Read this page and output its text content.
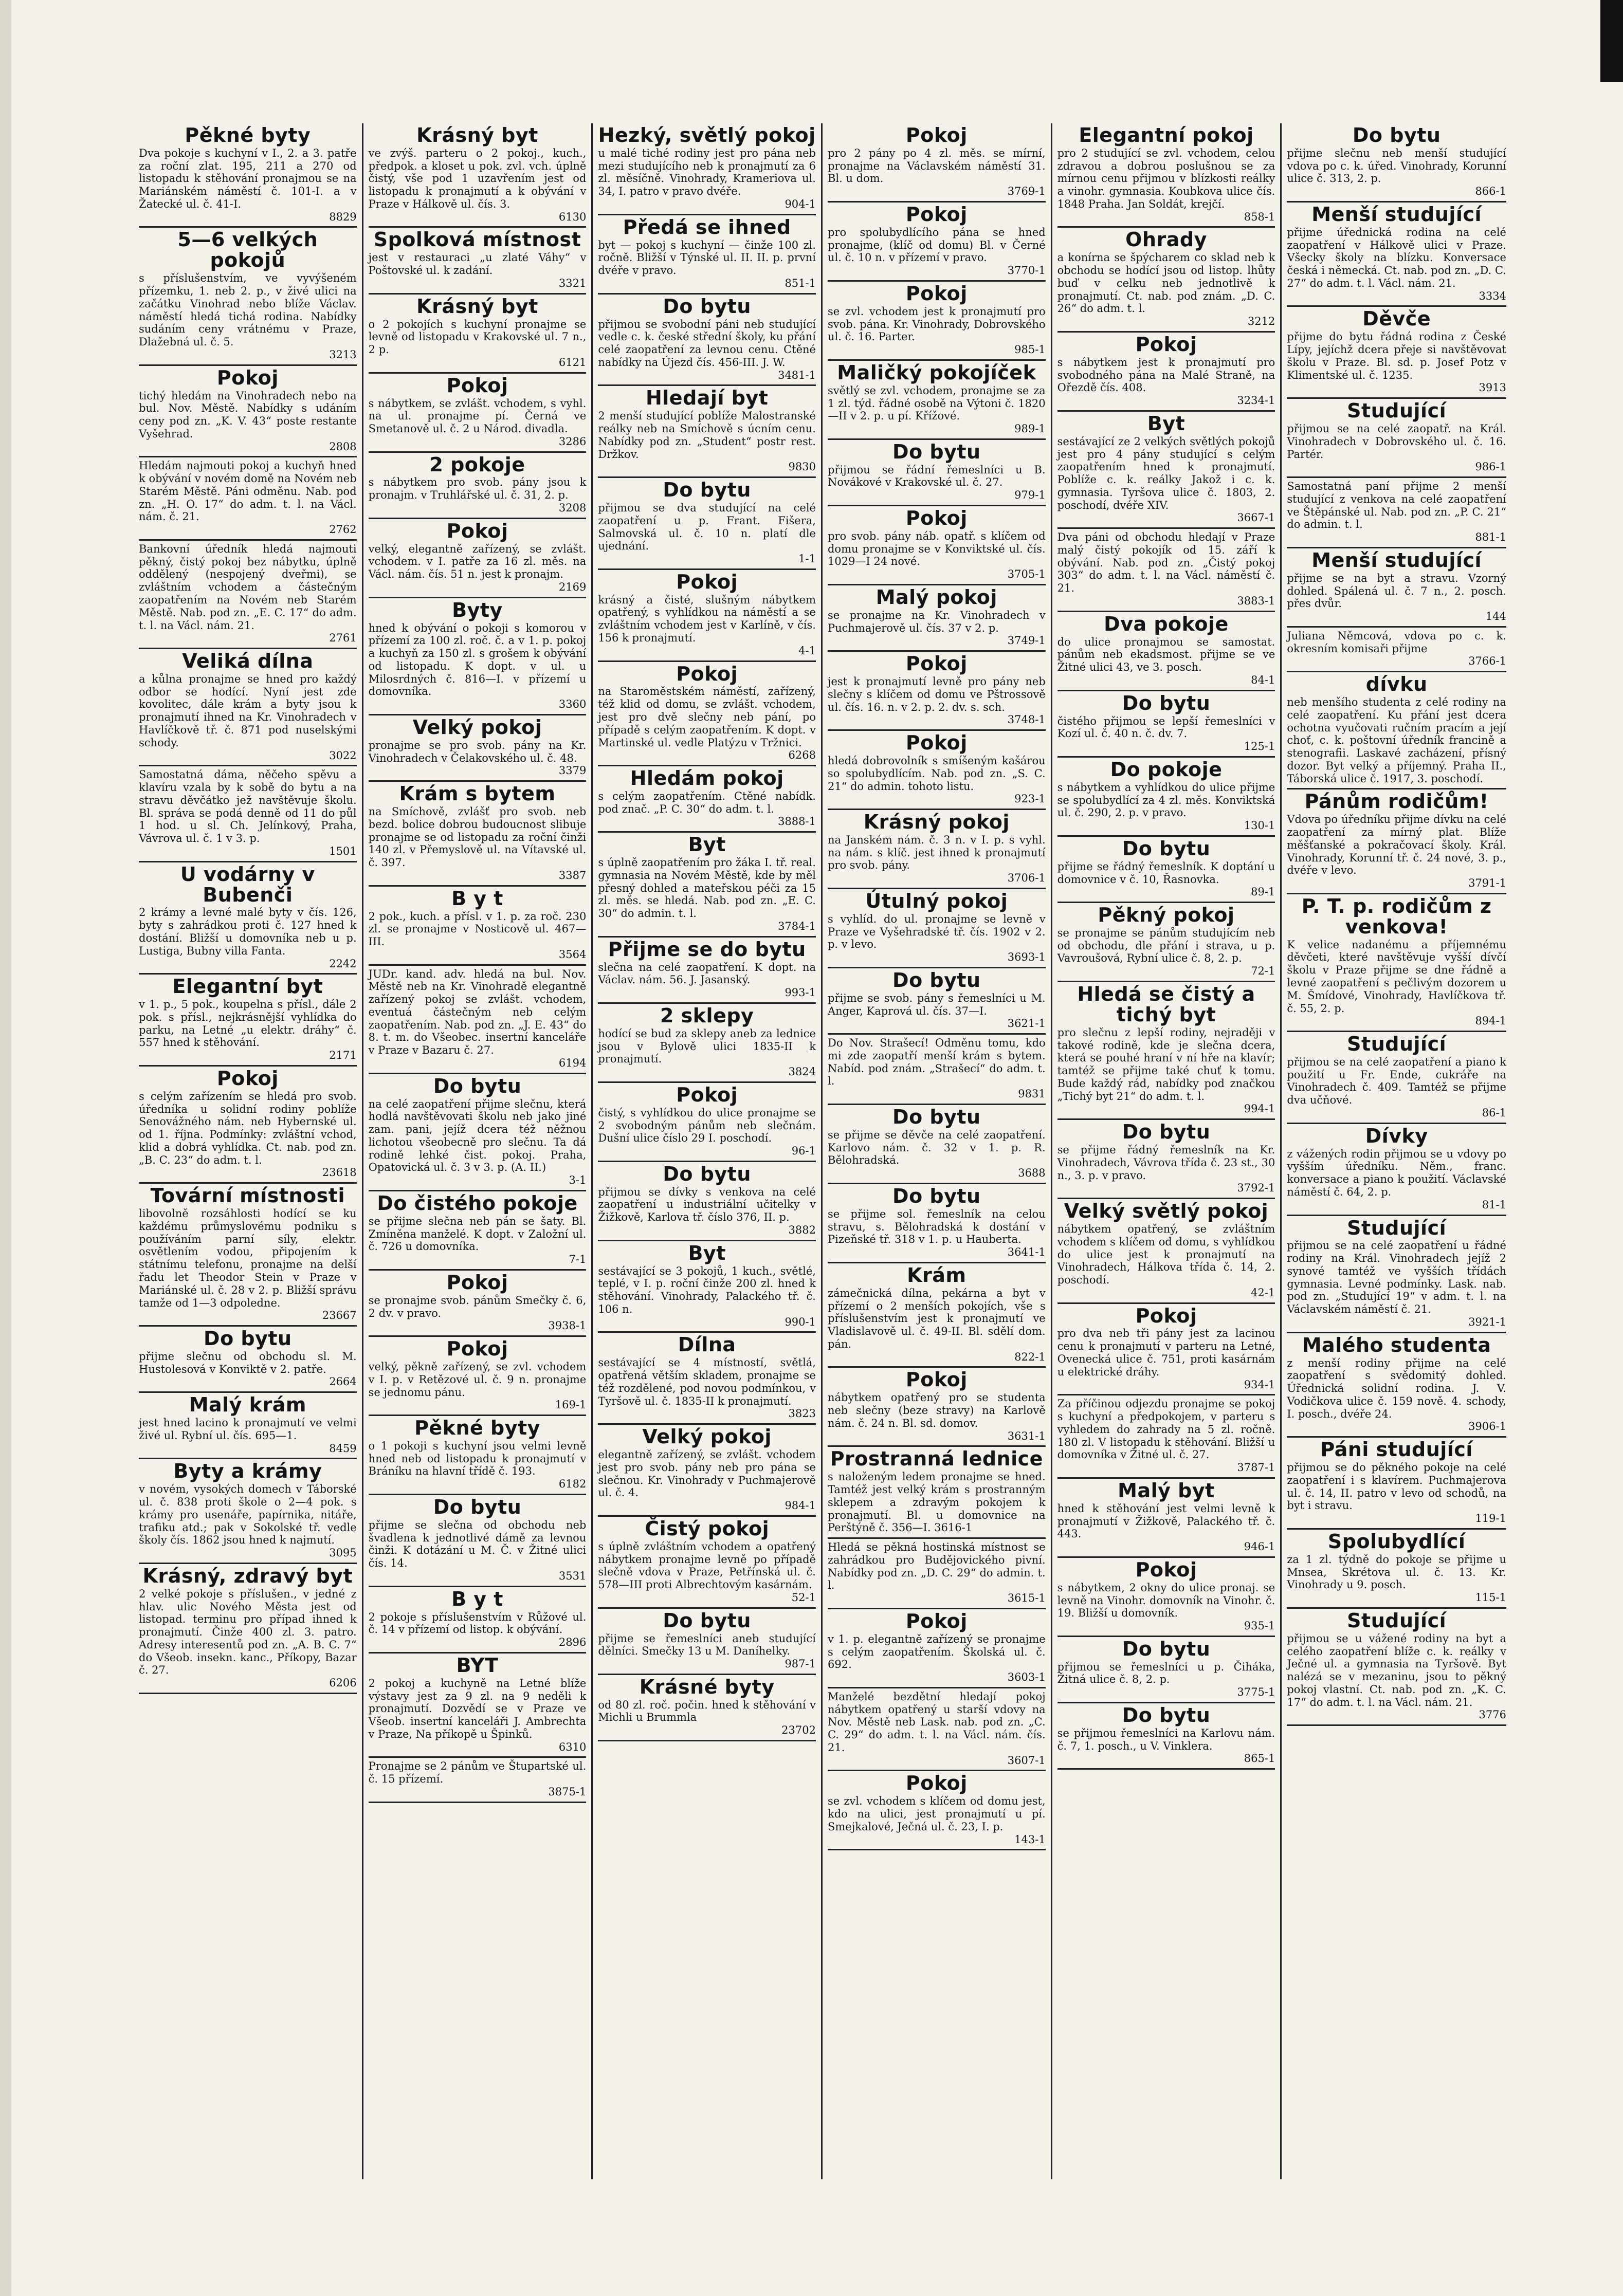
Pěkné byty

Dva pokoje s kuchyní v I., 2. a 3. patře za roční zlat. 195, 211 a 270 od listopadu k stěhování pronajmou se na Mariánském náměstí č. 101-I. a v Žatecké ul. č. 41-I.

8829

5—6 velkých pokojů

s příslušenstvím, ve vyvýšeném přízemku, 1. neb 2. p., v živé ulici na začátku Vinohrad nebo blíže Václav. náměstí hledá tichá rodina. Nabídky sudáním ceny vrátnému v Praze, Dlažebná ul. č. 5.

3213

Pokoj

tichý hledám na Vinohradech nebo na bul. Nov. Městě. Nabídky s udáním ceny pod zn. „K. V. 43“ poste restante Vyšehrad.

2808

Hledám najmouti pokoj a kuchyň hned k obývání v novém domě na Novém neb Starém Městě. Páni odměnu. Nab. pod zn. „H. O. 17“ do adm. t. l. na Václ. nám. č. 21.

2762

Bankovní úředník hledá najmouti pěkný, čistý pokoj bez nábytku, úplně oddělený (nespojený dveřmi), se zvláštním vchodem a částečným zaopatřením na Novém neb Starém Městě. Nab. pod zn. „E. C. 17“ do adm. t. l. na Václ. nám. 21.

2761

Veliká dílna

a kůlna pronajme se hned pro každý odbor se hodící. Nyní jest zde kovolitec, dále krám a byty jsou k pronajmutí ihned na Kr. Vinohradech v Havlíčkově tř. č. 871 pod nuselskými schody.

3022

Samostatná dáma, něčeho spěvu a klavíru vzala by k sobě do bytu a na stravu děvčátko jež navštěvuje školu. Bl. správa se podá denně od 11 do půl 1 hod. u sl. Ch. Jelínkový, Praha, Vávrova ul. č. 1 v 3. p.

1501

U vodárny v Bubenči

2 krámy a levné malé byty v čís. 126, byty s zahrádkou proti č. 127 hned k dostání. Bližší u domovníka neb u p. Lustiga, Bubny villa Fanta.

2242

Elegantní byt

v 1. p., 5 pok., koupelna s přísl., dále 2 pok. s přísl., nejkrásnější vyhlídka do parku, na Letné „u elektr. dráhy“ č. 557 hned k stěhování.

2171

Pokoj

s celým zařízením se hledá pro svob. úředníka u solidní rodiny poblíže Senovážného nám. neb Hybernské ul. od 1. října. Podmínky: zvláštní vchod, klid a dobrá vyhlídka. Ct. nab. pod zn. „B. C. 23“ do adm. t. l.

23618

Tovární místnosti

libovolně rozsáhlosti hodící se ku každému průmyslovému podniku s používáním parní síly, elektr. osvětlením vodou, připojením k státnímu telefonu, pronajme na delší řadu let Theodor Stein v Praze v Mariánské ul. č. 28 v 2. p. Bližší správu tamže od 1—3 odpoledne.

23667

Do bytu

přijme slečnu od obchodu sl. M. Hustolesová v Konviktě v 2. patře.

2664

Malý krám

jest hned lacino k pronajmutí ve velmi živé ul. Rybní ul. čís. 695—1.

8459

Byty a krámy

v novém, vysokých domech v Táborské ul. č. 838 proti škole o 2—4 pok. s krámy pro usenáře, papírnika, nitáře, trafiku atd.; pak v Sokolské tř. vedle školy čís. 1862 jsou hned k najmutí.

3095

Krásný, zdravý byt

2 velké pokoje s příslušen., v jedné z hlav. ulic Nového Města jest od listopad. terminu pro případ ihned k pronajmutí. Činže 400 zl. 3. patro. Adresy interesentů pod zn. „A. B. C. 7“ do Všeob. insekn. kanc., Příkopy, Bazar č. 27.

6206

Krásný byt

ve zvýš. parteru o 2 pokoj., kuch., předpok. a kloset u pok. zvl. vch. úplně čistý, vše pod 1 uzavřením jest od listopadu k pronajmutí a k obývání v Praze v Hálkově ul. čís. 3.

6130

Spolková místnost

jest v restauraci „u zlaté Váhy“ v Poštovské ul. k zadání.

3321

Krásný byt

o 2 pokojích s kuchyní pronajme se levně od listopadu v Krakovské ul. 7 n., 2 p.

6121

Pokoj

s nábytkem, se zvlášt. vchodem, s vyhl. na ul. pronajme pí. Černá ve Smetanově ul. č. 2 u Národ. divadla.

3286

2 pokoje

s nábytkem pro svob. pány jsou k pronajm. v Truhlářské ul. č. 31, 2. p.

3208

Pokoj

velký, elegantně zařízený, se zvlášt. vchodem. v I. patře za 16 zl. měs. na Václ. nám. čís. 51 n. jest k pronajm.

2169

Byty

hned k obývání o pokoji s komorou v přízemí za 100 zl. roč. č. a v 1. p. pokoj a kuchyň za 150 zl. s grošem k obývání od listopadu. K dopt. v ul. u Milosrdných č. 816—I. v přízemí u domovníka.

3360

Velký pokoj

pronajme se pro svob. pány na Kr. Vinohradech v Čelakovského ul. č. 48.

3379

Krám s bytem

na Smíchově, zvlášť pro svob. neb bezd. bolice dobrou budoucnost slibuje pronajme se od listopadu za roční činži 140 zl. v Přemyslově ul. na Vítavské ul. č. 397.

3387

B y t

2 pok., kuch. a přísl. v 1. p. za roč. 230 zl. se pronajme v Nosticově ul. 467—III.

3564

JUDr. kand. adv. hledá na bul. Nov. Městě neb na Kr. Vinohradě elegantně zařízený pokoj se zvlášt. vchodem, eventuá částečným neb celým zaopatřením. Nab. pod zn. „J. E. 43“ do 8. t. m. do Všeobec. insertní kanceláře v Praze v Bazaru č. 27.

6194

Do bytu

na celé zaopatření přijme slečnu, která hodlá navštěvovati školu neb jako jiné zam. pani, jejíž dcera též něžnou lichotou všeobecně pro slečnu. Ta dá rodině lehké čist. pokoj. Praha, Opatovická ul. č. 3 v 3. p. (A. II.)

3-1

Do čistého pokoje

se přijme slečna neb pán se šaty. Bl. Zmíněna manželé. K dopt. v Založní ul. č. 726 u domovníka.

7-1

Pokoj

se pronajme svob. pánům Smečky č. 6, 2 dv. v pravo.

3938-1

Pokoj

velký, pěkně zařízený, se zvl. vchodem v I. p. v Retězové ul. č. 9 n. pronajme se jednomu pánu.

169-1

Pěkné byty

o 1 pokoji s kuchyní jsou velmi levně hned neb od listopadu k pronajmutí v Bráníku na hlavní třídě č. 193.

6182

Do bytu

přijme se slečna od obchodu neb švadlena k jednotlivé dámě za levnou činži. K dotázání u M. Č. v Žitné ulici čís. 14.

3531

B y t

2 pokoje s příslušenstvím v Růžové ul. č. 14 v přízemí od listop. k obývání.

2896

BYT

2 pokoj a kuchyně na Letné blíže výstavy jest za 9 zl. na 9 neděli k pronajmutí. Dozvědí se v Praze ve Všeob. insertní kanceláři J. Ambrechta v Praze, Na příkopě u Špinků.

6310

Pronajme se 2 pánům ve Štupartské ul. č. 15 přízemí.

3875-1

Hezký, světlý pokoj

u malé tiché rodiny jest pro pána neb mezi studujícího neb k pronajmutí za 6 zl. měsíčně. Vinohrady, Krameriova ul. 34, I. patro v pravo dvéře.

904-1

Předá se ihned

byt — pokoj s kuchyní — činže 100 zl. ročně. Bližší v Týnské ul. II. II. p. první dvéře v pravo.

851-1

Do bytu

přijmou se svobodní páni neb studující vedle c. k. české střední školy, ku přání celé zaopatření za levnou cenu. Ctěné nabídky na Újezd čís. 456-III. J. W.

3481-1

Hledají byt

2 menší studující poblíže Malostranské reálky neb na Smíchově s úcním cenu. Nabídky pod zn. „Student“ postr rest. Držkov.

9830

Do bytu

přijmou se dva studující na celé zaopatření u p. Frant. Fišera, Salmovská ul. č. 10 n. platí dle ujednání.

1-1

Pokoj

krásný a čisté, slušným nábytkem opatřený, s vyhlídkou na náměstí a se zvláštním vchodem jest v Karlíně, v čís. 156 k pronajmutí.

4-1

Pokoj

na Staroměstském náměstí, zařízený, též klid od domu, se zvlášt. vchodem, jest pro dvě slečny neb pání, po případě s celým zaopatřením. K dopt. v Martinské ul. vedle Platýzu v Tržnici.

6268

Hledám pokoj

s celým zaopatřením. Ctěné nabídk. pod znač. „P. C. 30“ do adm. t. l.

3888-1

Byt

s úplně zaopatřením pro žáka I. tř. real. gymnasia na Novém Městě, kde by měl přesný dohled a mateřskou péči za 15 zl. měs. se hledá. Nab. pod zn. „E. C. 30“ do admin. t. l.

3784-1

Přijme se do bytu

slečna na celé zaopatření. K dopt. na Václav. nám. 56. J. Jasanský.

993-1

2 sklepy

hodící se bud za sklepy aneb za lednice jsou v Bylově ulici 1835-II k pronajmutí.

3824

Pokoj

čistý, s vyhlídkou do ulice pronajme se 2 svobodným pánům neb slečnám. Dušní ulice číslo 29 I. poschodí.

96-1

Do bytu

přijmou se dívky s venkova na celé zaopatření u industriální učitelky v Žižkově, Karlova tř. číslo 376, II. p.

3882

Byt

sestávající se 3 pokojů, 1 kuch., světlé, teplé, v I. p. roční činže 200 zl. hned k stěhování. Vinohrady, Palackého tř. č. 106 n.

990-1

Dílna

sestávající se 4 místností, světlá, opatřená větším skladem, pronajme se též rozdělené, pod novou podmínkou, v Tyršově ul. č. 1835-II k pronajmutí.

3823

Velký pokoj

elegantně zařízený, se zvlášt. vchodem jest pro svob. pány neb pro pána se slečnou. Kr. Vinohrady v Puchmajerově ul. č. 4.

984-1

Čistý pokoj

s úplně zvláštním vchodem a opatřený nábytkem pronajme levně po případě slečně vdova v Praze, Petřínská ul. č. 578—III proti Albrechtovým kasárnám.

52-1

Do bytu

přijme se řemeslníci aneb studující dělníci. Smečky 13 u M. Daníhelky.

987-1

Krásné byty

od 80 zl. roč. počin. hned k stěhování v Michli u Brummla

23702

Pokoj

pro 2 pány po 4 zl. měs. se mírní, pronajme na Václavském náměstí 31. Bl. u dom.

3769-1

Pokoj

pro spolubydlícího pána se hned pronajme, (klíč od domu) Bl. v Černé ul. č. 10 n. v přízemí v pravo.

3770-1

Pokoj

se zvl. vchodem jest k pronajmutí pro svob. pána. Kr. Vinohrady, Dobrovského ul. č. 16. Parter.

985-1

Maličký pokojíček

světlý se zvl. vchodem, pronajme se za 1 zl. týd. řádné osobě na Výtoni č. 1820—II v 2. p. u pí. Křížové.

989-1

Do bytu

přijmou se řádní řemeslníci u B. Novákové v Krakovské ul. č. 27.

979-1

Pokoj

pro svob. pány náb. opatř. s klíčem od domu pronajme se v Konviktské ul. čís. 1029—I 24 nové.

3705-1

Malý pokoj

se pronajme na Kr. Vinohradech v Puchmajerově ul. čís. 37 v 2. p.

3749-1

Pokoj

jest k pronajmutí levně pro pány neb slečny s klíčem od domu ve Pštrossově ul. čís. 16. n. v 2. p. 2. dv. s. sch.

3748-1

Pokoj

hledá dobrovolník s smíšeným kašárou so spolubydlícím. Nab. pod zn. „S. C. 21“ do admin. tohoto listu.

923-1

Krásný pokoj

na Janském nám. č. 3 n. v I. p. s vyhl. na nám. s klíč. jest ihned k pronajmutí pro svob. pány.

3706-1

Útulný pokoj

s vyhlíd. do ul. pronajme se levně v Praze ve Vyšehradské tř. čís. 1902 v 2. p. v levo.

3693-1

Do bytu

přijme se svob. pány s řemeslníci u M. Anger, Kaprová ul. čís. 37—I.

3621-1

Do Nov. Strašecí! Odměnu tomu, kdo mi zde zaopatří menší krám s bytem. Nabíd. pod znám. „Strašecí“ do adm. t. l.

9831

Do bytu

se přijme se děvče na celé zaopatření. Karlovo nám. č. 32 v 1. p. R. Bělohradská.

3688

Do bytu

se přijme sol. řemeslník na celou stravu, s. Bělohradská k dostání v Pizeňské tř. 318 v 1. p. u Hauberta.

3641-1

Krám

zámečnická dílna, pekárna a byt v přízemí o 2 menších pokojích, vše s příslušenstvím jest k pronajmutí ve Vladislavově ul. č. 49-II. Bl. sdělí dom. pán.

822-1

Pokoj

nábytkem opatřený pro se studenta neb slečny (beze stravy) na Karlově nám. č. 24 n. Bl. sd. domov.

3631-1

Prostranná lednice

s naloženým ledem pronajme se hned. Tamtéž jest velký krám s prostranným sklepem a zdravým pokojem k pronajmutí. Bl. u domovnice na Perštýně č. 356—I. 3616-1

Hledá se pěkná hostinská místnost se zahrádkou pro Budějovického pivní. Nabídky pod zn. „D. C. 29“ do admin. t. l.

3615-1

Pokoj

v 1. p. elegantně zařízený se pronajme s celým zaopatřením. Školská ul. č. 692.

3603-1

Manželé bezdětní hledají pokoj nábytkem opatřený u starší vdovy na Nov. Městě neb Lask. nab. pod zn. „C. C. 29“ do adm. t. l. na Václ. nám. čís. 21.

3607-1

Pokoj

se zvl. vchodem s klíčem od domu jest, kdo na ulici, jest pronajmutí u pí. Smejkalové, Ječná ul. č. 23, I. p.

143-1

Elegantní pokoj

pro 2 studující se zvl. vchodem, celou zdravou a dobrou poslušnou se za mírnou cenu přijmou v blízkosti reálky a vinohr. gymnasia. Koubkova ulice čís. 1848 Praha. Jan Soldát, krejčí.

858-1

Ohrady

a konírna se špýcharem co sklad neb k obchodu se hodící jsou od listop. lhůty buď v celku neb jednotlivě k pronajmutí. Ct. nab. pod znám. „D. C. 26“ do adm. t. l.

3212

Pokoj

s nábytkem jest k pronajmutí pro svobodného pána na Malé Straně, na Ořezdě čís. 408.

3234-1

Byt

sestávající ze 2 velkých světlých pokojů jest pro 4 pány studující s celým zaopatřením hned k pronajmutí. Poblíže c. k. reálky Jakož i c. k. gymnasia. Tyršova ulice č. 1803, 2. poschodí, dvéře XIV.

3667-1

Dva páni od obchodu hledají v Praze malý čistý pokojík od 15. září k obývání. Nab. pod zn. „Čistý pokoj 303“ do adm. t. l. na Václ. náměstí č. 21.

3883-1

Dva pokoje

do ulice pronajmou se samostat. pánům neb ekadsmost. přijme se ve Žitné ulici 43, ve 3. posch.

84-1

Do bytu

čistého přijmou se lepší řemeslníci v Kozí ul. č. 40 n. č. dv. 7.

125-1

Do pokoje

s nábytkem a vyhlídkou do ulice přijme se spolubydlící za 4 zl. měs. Konviktská ul. č. 290, 2. p. v pravo.

130-1

Do bytu

přijme se řádný řemeslník. K doptání u domovnice v č. 10, Řasnovka.

89-1

Pěkný pokoj

se pronajme se pánům studujícím neb od obchodu, dle přání i strava, u p. Vavroušová, Rybní ulice č. 8, 2. p.

72-1

Hledá se čistý a tichý byt

pro slečnu z lepší rodiny, nejraději v takové rodině, kde je slečna dcera, která se pouhé hraní v ní hře na klavír; tamtéž se přijme také chuť k tomu. Bude každý rád, nabídky pod značkou „Tichý byt 21“ do adm. t. l.

994-1

Do bytu

se přijme řádný řemeslník na Kr. Vinohradech, Vávrova třída č. 23 st., 30 n., 3. p. v pravo.

3792-1

Velký světlý pokoj

nábytkem opatřený, se zvláštním vchodem s klíčem od domu, s vyhlídkou do ulice jest k pronajmutí na Vinohradech, Hálkova třída č. 14, 2. poschodí.

42-1

Pokoj

pro dva neb tři pány jest za lacinou cenu k pronajmutí v parteru na Letné, Ovenecká ulice č. 751, proti kasárnám u elektrické dráhy.

934-1

Za příčinou odjezdu pronajme se pokoj s kuchyní a předpokojem, v parteru s vyhledem do zahrady na 5 zl. ročně. 180 zl. V listopadu k stěhování. Bližší u domovníka v Žitné ul. č. 27.

3787-1

Malý byt

hned k stěhování jest velmi levně k pronajmutí v Žižkově, Palackého tř. č. 443.

946-1

Pokoj

s nábytkem, 2 okny do ulice pronaj. se levně na Vinohr. domovník na Vinohr. č. 19. Bližší u domovník.

935-1

Do bytu

přijmou se řemeslníci u p. Čiháka, Žitná ulice č. 8, 2. p.

3775-1

Do bytu

se přijmou řemeslníci na Karlovu nám. č. 7, 1. posch., u V. Vinklera.

865-1

Do bytu

přijme slečnu neb menší studující vdova po c. k. úřed. Vinohrady, Korunní ulice č. 313, 2. p.

866-1

Menší studující

přijme úřednická rodina na celé zaopatření v Hálkově ulici v Praze. Všecky školy na blízku. Konversace česká i německá. Ct. nab. pod zn. „D. C. 27“ do adm. t. l. Václ. nám. 21.

3334

Děvče

přijme do bytu řádná rodina z České Lípy, jejíchž dcera přeje si navštěvovat školu v Praze. Bl. sd. p. Josef Potz v Klimentské ul. č. 1235.

3913

Studující

přijmou se na celé zaopatř. na Král. Vinohradech v Dobrovského ul. č. 16. Partér.

986-1

Samostatná paní přijme 2 menší studující z venkova na celé zaopatření ve Štěpánské ul. Nab. pod zn. „P. C. 21“ do admin. t. l.

881-1

Menší studující

přijme se na byt a stravu. Vzorný dohled. Spálená ul. č. 7 n., 2. posch. přes dvůr.

144

Juliana Němcová, vdova po c. k. okresním komisaři přijme

3766-1

dívku

neb menšího studenta z celé rodiny na celé zaopatření. Ku přání jest dcera ochotna vyučovati ručním pracím a její choť, c. k. poštovní úředník francině a stenografii. Laskavé zacházení, přísný dozor. Byt velký a příjemný. Praha II., Táborská ulice č. 1917, 3. poschodí.

Pánům rodičům!

Vdova po úředníku přijme dívku na celé zaopatření za mírný plat. Blíže měšťanské a pokračovací školy. Král. Vinohrady, Korunní tř. č. 24 nové, 3. p., dvéře v levo.

3791-1

P. T. p. rodičům z venkova!

K velice nadanému a příjemnému děvčeti, které navštěvuje vyšší dívčí školu v Praze přijme se dne řádně a levné zaopatření s pečlivým dozorem u M. Šmídové, Vinohrady, Havlíčkova tř. č. 55, 2. p.

894-1

Studující

přijmou se na celé zaopatření a piano k použití u Fr. Ende, cukráře na Vinohradech č. 409. Tamtéž se přijme dva učňové.

86-1

Dívky

z vážených rodin přijmou se u vdovy po vyšším úředníku. Něm., franc. konversace a piano k použití. Václavské náměstí č. 64, 2. p.

81-1

Studující

přijmou se na celé zaopatření u řádné rodiny na Král. Vinohradech jejíž 2 synové tamtéž ve vyšších třídách gymnasia. Levné podmínky. Lask. nab. pod zn. „Studující 19“ v adm. t. l. na Václavském náměstí č. 21.

3921-1

Malého studenta

z menší rodiny přijme na celé zaopatření s svědomitý dohled. Úřednická solidní rodina. J. V. Vodičkova ulice č. 159 nově. 4. schody, I. posch., dvéře 24.

3906-1

Páni studující

přijmou se do pěkného pokoje na celé zaopatření i s klavírem. Puchmajerova ul. č. 14, II. patro v levo od schodů, na byt i stravu.

119-1

Spolubydlící

za 1 zl. týdně do pokoje se přijme u Mnsea, Skrétova ul. č. 13. Kr. Vinohrady u 9. posch.

115-1

Studující

přijmou se u vážené rodiny na byt a celého zaopatření blíže c. k. reálky v Ječné ul. a gymnasia na Tyršově. Byt nalézá se v mezaninu, jsou to pěkný pokoj vlastní. Ct. nab. pod zn. „K. C. 17“ do adm. t. l. na Václ. nám. 21.

3776
